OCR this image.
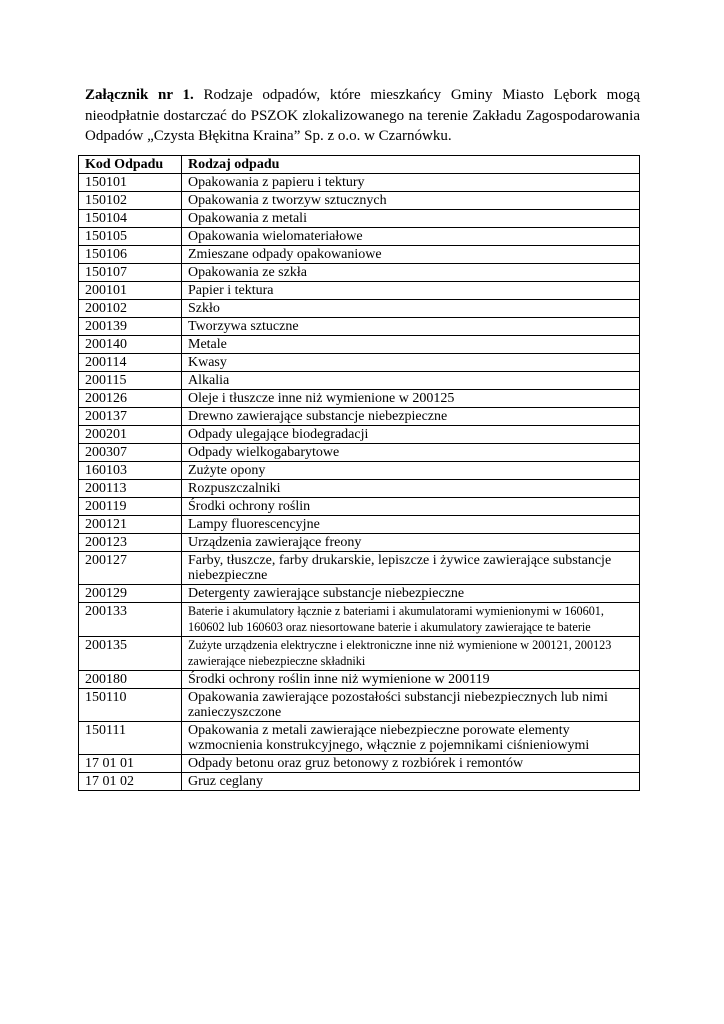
Załącznik nr 1. Rodzaje odpadów, które mieszkańcy Gminy Miasto Lębork mogą nieodpłatnie dostarczać do PSZOK zlokalizowanego na terenie Zakładu Zagospodarowania Odpadów „Czysta Błękitna Kraina” Sp. z o.o. w Czarnówku.
Kod Odpadu	Rodzaj odpadu
150101	Opakowania z papieru i tektury
150102	Opakowania z tworzyw sztucznych
150104	Opakowania z metali
150105	Opakowania wielomateriałowe
150106	Zmieszane odpady opakowaniowe
150107	Opakowania ze szkła
200101	Papier i tektura
200102	Szkło
200139	Tworzywa sztuczne
200140	Metale
200114	Kwasy
200115	Alkalia
200126	Oleje i tłuszcze inne niż wymienione w 200125
200137	Drewno zawierające substancje niebezpieczne
200201	Odpady ulegające biodegradacji
200307	Odpady wielkogabarytowe
160103	Zużyte opony
200113	Rozpuszczalniki
200119	Środki ochrony roślin
200121	Lampy fluorescencyjne
200123	Urządzenia zawierające freony
200127	Farby, tłuszcze, farby drukarskie, lepiszcze i żywice zawierające substancje niebezpieczne
200129	Detergenty zawierające substancje niebezpieczne
200133	Baterie i akumulatory łącznie z bateriami i akumulatorami wymienionymi w 160601, 160602 lub 160603 oraz niesortowane baterie i akumulatory zawierające te baterie
200135	Zużyte urządzenia elektryczne i elektroniczne inne niż wymienione w 200121, 200123 zawierające niebezpieczne składniki
200180	Środki ochrony roślin inne niż wymienione w 200119
150110	Opakowania zawierające pozostałości substancji niebezpiecznych lub nimi zanieczyszczone
150111	Opakowania z metali zawierające niebezpieczne porowate elementy wzmocnienia konstrukcyjnego, włącznie z pojemnikami ciśnieniowymi
17 01 01	Odpady betonu oraz gruz betonowy z rozbiórek i remontów
17 01 02	Gruz ceglany
